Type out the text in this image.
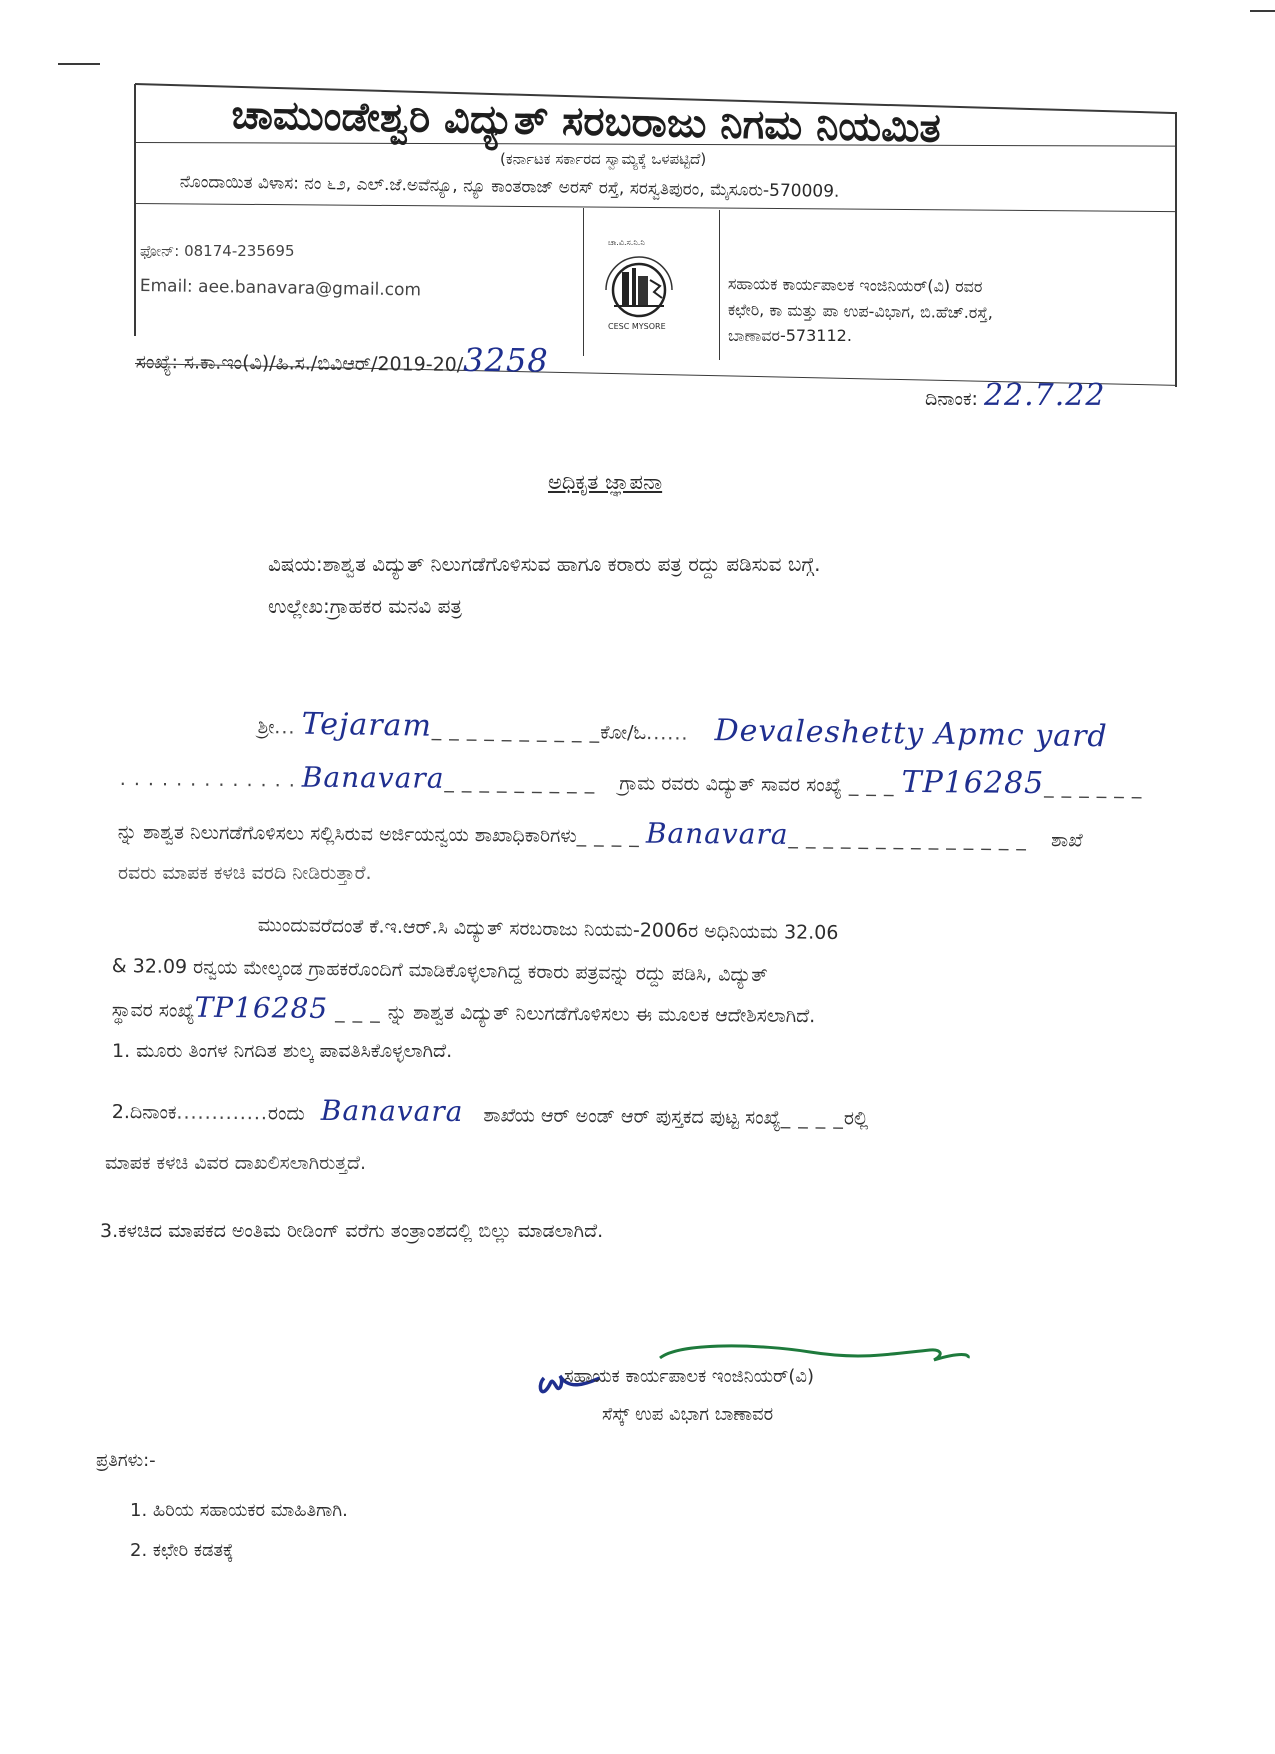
ಚಾಮುಂಡೇಶ್ವರಿ ವಿದ್ಯುತ್ ಸರಬರಾಜು ನಿಗಮ ನಿಯಮಿತ
(ಕರ್ನಾಟಕ ಸರ್ಕಾರದ ಸ್ವಾಮ್ಯಕ್ಕೆ ಒಳಪಟ್ಟಿದೆ)
ನೊಂದಾಯಿತ ವಿಳಾಸ: ನಂ ೬೨, ಎಲ್.ಜೆ.ಅವೆನ್ಯೂ, ನ್ಯೂ ಕಾಂತರಾಜ್ ಅರಸ್ ರಸ್ತೆ, ಸರಸ್ವತಿಪುರಂ, ಮೈಸೂರು-570009.
ಫೋನ್: 08174-235695
Email: aee.banavara@gmail.com
ಚಾ.ವಿ.ಸ.ನಿ.ನಿ
CESC MYSORE
ಸಹಾಯಕ ಕಾರ್ಯಪಾಲಕ ಇಂಜಿನಿಯರ್(ವಿ) ರವರ
ಕಛೇರಿ, ಕಾ ಮತ್ತು ಪಾ ಉಪ-ವಿಭಾಗ, ಬಿ.ಹೆಚ್.ರಸ್ತೆ,
ಬಾಣಾವರ-573112.
ಸಂಖ್ಯೆ: ಸ.ಕಾ.ಇಂ(ವಿ)/ಹಿ.ಸ./ಬಿವಿಆರ್/2019-20/3258
ದಿನಾಂಕ: 22.7.22
ಅಧಿಕೃತ ಜ್ಞಾಪನಾ
ವಿಷಯ:ಶಾಶ್ವತ ವಿದ್ಯುತ್ ನಿಲುಗಡೆಗೊಳಿಸುವ ಹಾಗೂ ಕರಾರು ಪತ್ರ ರದ್ದು ಪಡಿಸುವ ಬಗ್ಗೆ.
ಉಲ್ಲೇಖ:ಗ್ರಾಹಕರ ಮನವಿ ಪತ್ರ
ಶ್ರೀ... Tejaram_ _ _ _ _ _ _ _ _ _ಕೋ/ಓ...... Devaleshetty Apmc yard
. . . . . . . . . . . . . Banavara_ _ _ _ _ _ _ _ _ ಗ್ರಾಮ ರವರು ವಿದ್ಯುತ್ ಸಾವರ ಸಂಖ್ಯೆ _ _ _ TP16285_ _ _ _ _ _
ನ್ನು ಶಾಶ್ವತ ನಿಲುಗಡೆಗೊಳಿಸಲು ಸಲ್ಲಿಸಿರುವ ಅರ್ಜಿಯನ್ವಯ ಶಾಖಾಧಿಕಾರಿಗಳು_ _ _ _ Banavara_ _ _ _ _ _ _ _ _ _ _ _ _ _ ಶಾಖೆ
ರವರು ಮಾಪಕ ಕಳಚಿ ವರದಿ ನೀಡಿರುತ್ತಾರೆ.
ಮುಂದುವರೆದಂತೆ ಕೆ.ಇ.ಆರ್.ಸಿ ವಿದ್ಯುತ್ ಸರಬರಾಜು ನಿಯಮ-2006ರ ಅಧಿನಿಯಮ 32.06
& 32.09 ರನ್ವಯ ಮೇಲ್ಕಂಡ ಗ್ರಾಹಕರೊಂದಿಗೆ ಮಾಡಿಕೊಳ್ಳಲಾಗಿದ್ದ ಕರಾರು ಪತ್ರವನ್ನು ರದ್ದು ಪಡಿಸಿ, ವಿದ್ಯುತ್
ಸ್ಥಾವರ ಸಂಖ್ಯೆTP16285 _ _ _ ನ್ನು ಶಾಶ್ವತ ವಿದ್ಯುತ್ ನಿಲುಗಡೆಗೊಳಿಸಲು ಈ ಮೂಲಕ ಆದೇಶಿಸಲಾಗಿದೆ.
1. ಮೂರು ತಿಂಗಳ ನಿಗದಿತ ಶುಲ್ಕ ಪಾವತಿಸಿಕೊಳ್ಳಲಾಗಿದೆ.
2.ದಿನಾಂಕ.............ರಂದು Banavara ಶಾಖೆಯ ಆರ್ ಅಂಡ್ ಆರ್ ಪುಸ್ತಕದ ಪುಟ್ಟ ಸಂಖ್ಯೆ_ _ _ _ರಲ್ಲಿ
ಮಾಪಕ ಕಳಚಿ ವಿವರ ದಾಖಲಿಸಲಾಗಿರುತ್ತದೆ.
3.ಕಳಚಿದ ಮಾಪಕದ ಅಂತಿಮ ರೀಡಿಂಗ್ ವರೆಗು ತಂತ್ರಾಂಶದಲ್ಲಿ ಬಿಲ್ಲು ಮಾಡಲಾಗಿದೆ.
ಸಹಾಯಕ ಕಾರ್ಯಪಾಲಕ ಇಂಜಿನಿಯರ್(ವಿ)
ಸೆಸ್ಕ್ ಉಪ ವಿಭಾಗ ಬಾಣಾವರ
ಪ್ರತಿಗಳು:-
1. ಹಿರಿಯ ಸಹಾಯಕರ ಮಾಹಿತಿಗಾಗಿ.
2. ಕಛೇರಿ ಕಡತಕ್ಕೆ
